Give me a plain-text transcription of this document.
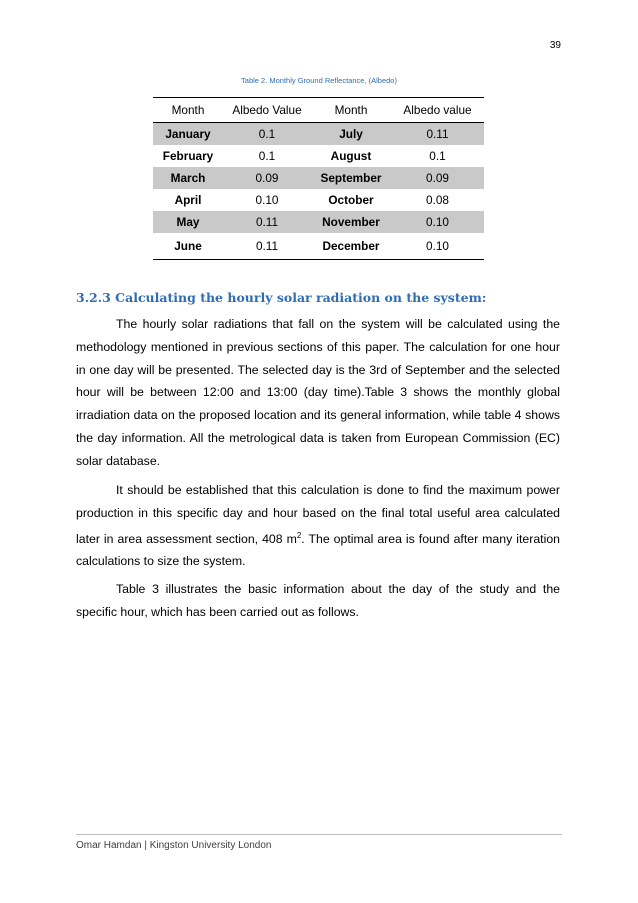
39
Table 2. Monthly Ground Reflectance, (Albedo)
Month	Albedo Value	Month	Albedo value
January	0.1	July	0.11
February	0.1	August	0.1
March	0.09	September	0.09
April	0.10	October	0.08
May	0.11	November	0.10
June	0.11	December	0.10
3.2.3 Calculating the hourly solar radiation on the system:

The hourly solar radiations that fall on the system will be calculated using the methodology mentioned in previous sections of this paper. The calculation for one hour in one day will be presented. The selected day is the 3rd of September and the selected hour will be between 12:00 and 13:00 (day time).Table 3 shows the monthly global irradiation data on the proposed location and its general information, while table 4 shows the day information. All the metrological data is taken from European Commission (EC) solar database.

It should be established that this calculation is done to find the maximum power production in this specific day and hour based on the final total useful area calculated later in area assessment section, 408 $m^2$. The optimal area is found after many iteration calculations to size the system.

Table 3 illustrates the basic information about the day of the study and the specific hour, which has been carried out as follows.

Omar Hamdan | Kingston University London
